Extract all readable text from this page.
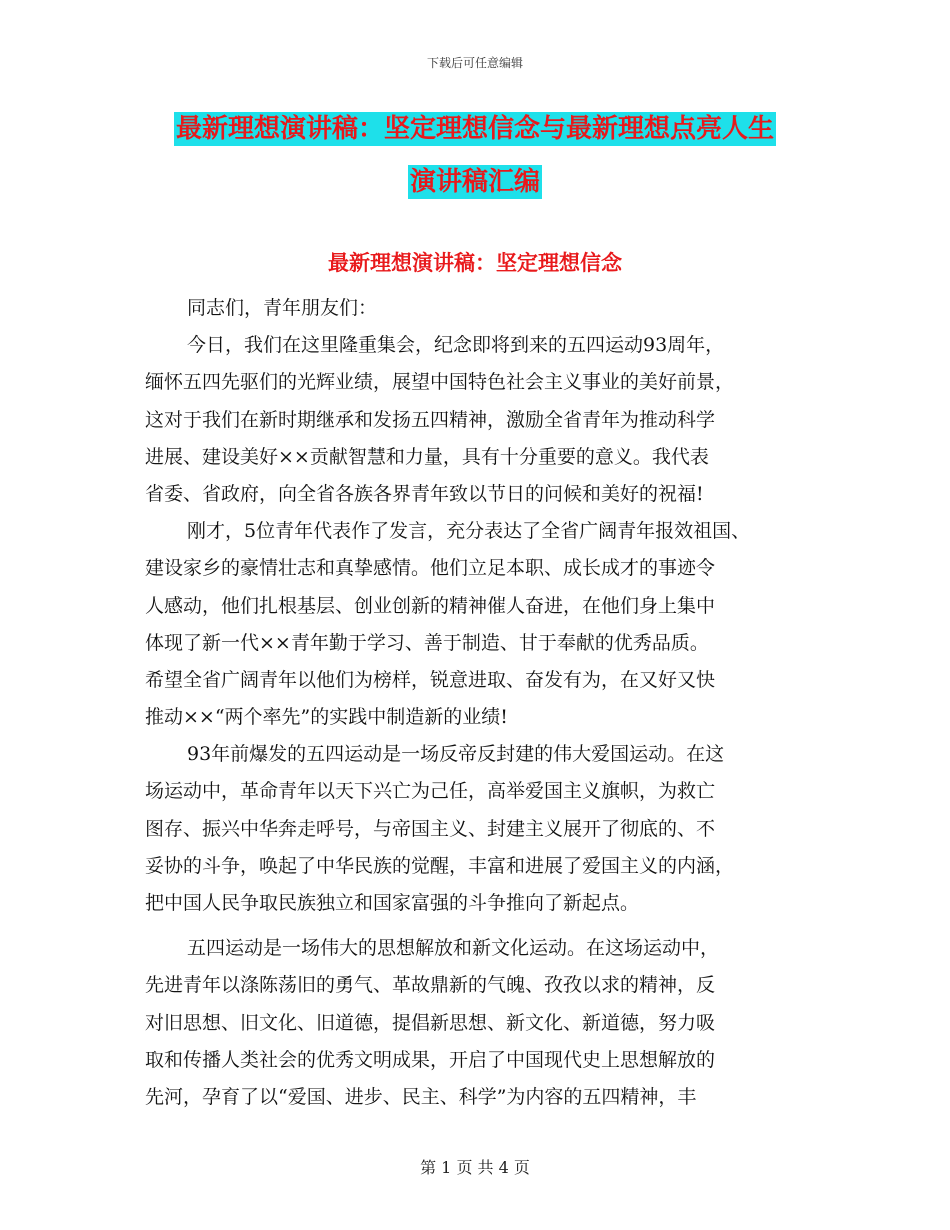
下载后可任意编辑
最新理想演讲稿：坚定理想信念与最新理想点亮人生
演讲稿汇编
最新理想演讲稿：坚定理想信念
同志们，青年朋友们：
今日，我们在这里隆重集会，纪念即将到来的五四运动93周年，
缅怀五四先驱们的光辉业绩，展望中国特色社会主义事业的美好前景，
这对于我们在新时期继承和发扬五四精神，激励全省青年为推动科学
进展、建设美好××贡献智慧和力量，具有十分重要的意义。我代表
省委、省政府，向全省各族各界青年致以节日的问候和美好的祝福!
刚才，5位青年代表作了发言，充分表达了全省广阔青年报效祖国、
建设家乡的豪情壮志和真挚感情。他们立足本职、成长成才的事迹令
人感动，他们扎根基层、创业创新的精神催人奋进，在他们身上集中
体现了新一代××青年勤于学习、善于制造、甘于奉献的优秀品质。
希望全省广阔青年以他们为榜样，锐意进取、奋发有为，在又好又快
推动××“两个率先”的实践中制造新的业绩!
93年前爆发的五四运动是一场反帝反封建的伟大爱国运动。在这
场运动中，革命青年以天下兴亡为己任，高举爱国主义旗帜，为救亡
图存、振兴中华奔走呼号，与帝国主义、封建主义展开了彻底的、不
妥协的斗争，唤起了中华民族的觉醒，丰富和进展了爱国主义的内涵，
把中国人民争取民族独立和国家富强的斗争推向了新起点。
五四运动是一场伟大的思想解放和新文化运动。在这场运动中，
先进青年以涤陈荡旧的勇气、革故鼎新的气魄、孜孜以求的精神，反
对旧思想、旧文化、旧道德，提倡新思想、新文化、新道德，努力吸
取和传播人类社会的优秀文明成果，开启了中国现代史上思想解放的
先河，孕育了以“爱国、进步、民主、科学”为内容的五四精神，丰
第 1 页 共 4 页
